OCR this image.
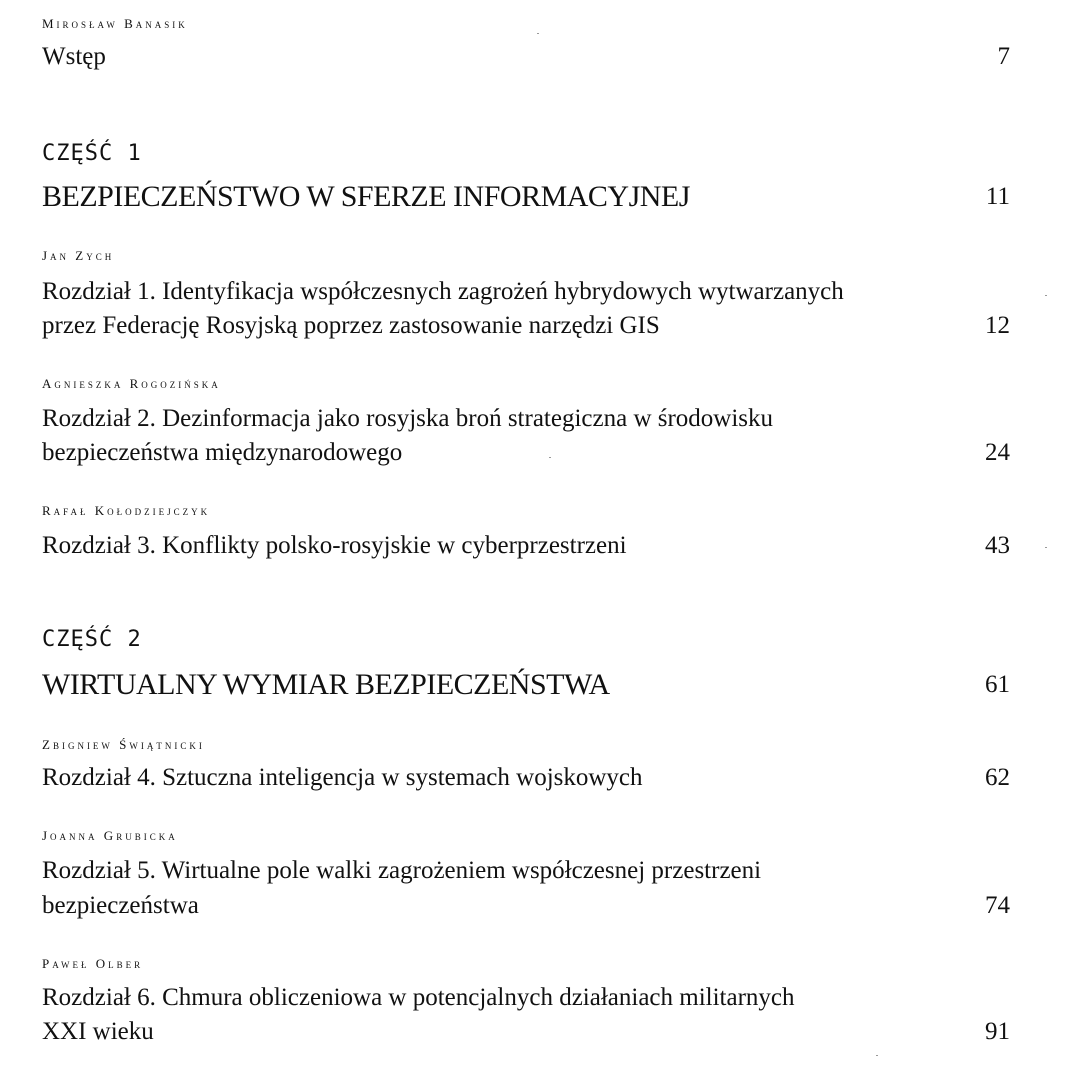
Mirosław Banasik
Wstęp	7
CZĘŚĆ 1
BEZPIECZEŃSTWO W SFERZE INFORMACYJNEJ	11
Jan Zych
Rozdział 1. Identyfikacja współczesnych zagrożeń hybrydowych wytwarzanych
przez Federację Rosyjską poprzez zastosowanie narzędzi GIS	12
Agnieszka Rogozińska
Rozdział 2. Dezinformacja jako rosyjska broń strategiczna w środowisku
bezpieczeństwa międzynarodowego	24
Rafał Kołodziejczyk
Rozdział 3. Konflikty polsko-rosyjskie w cyberprzestrzeni	43
CZĘŚĆ 2
WIRTUALNY WYMIAR BEZPIECZEŃSTWA	61
Zbigniew Świątnicki
Rozdział 4. Sztuczna inteligencja w systemach wojskowych	62
Joanna Grubicka
Rozdział 5. Wirtualne pole walki zagrożeniem współczesnej przestrzeni
bezpieczeństwa	74
Paweł Olber
Rozdział 6. Chmura obliczeniowa w potencjalnych działaniach militarnych
XXI wieku	91
